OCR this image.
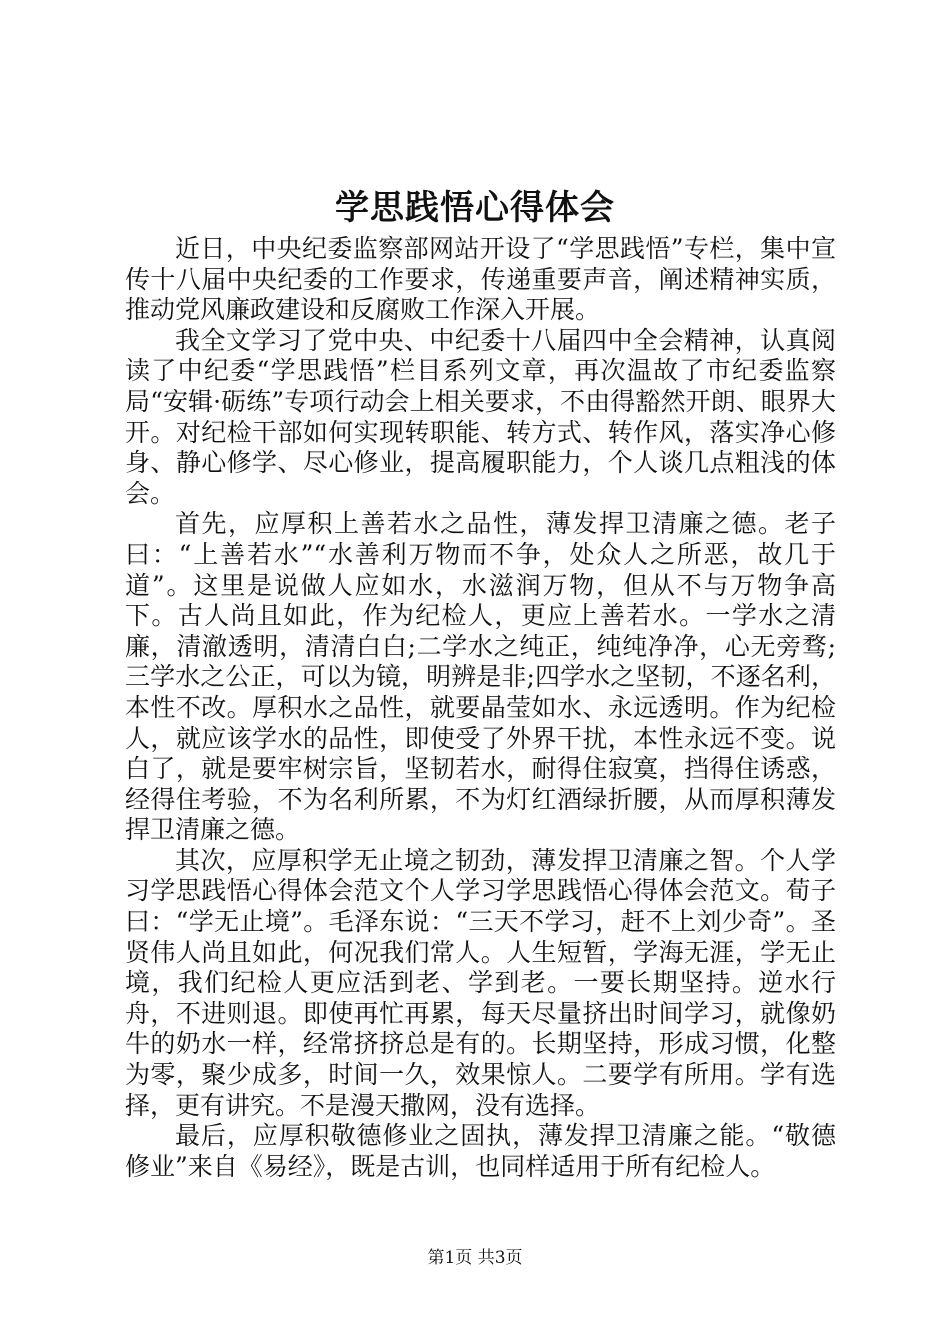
学思践悟心得体会

近日，中央纪委监察部网站开设了“学思践悟”专栏，集中宣传十八届中央纪委的工作要求，传递重要声音，阐述精神实质，推动党风廉政建设和反腐败工作深入开展。

我全文学习了党中央、中纪委十八届四中全会精神，认真阅读了中纪委“学思践悟”栏目系列文章，再次温故了市纪委监察局“安辑·砺练”专项行动会上相关要求，不由得豁然开朗、眼界大开。对纪检干部如何实现转职能、转方式、转作风，落实净心修身、静心修学、尽心修业，提高履职能力，个人谈几点粗浅的体会。

首先，应厚积上善若水之品性，薄发捍卫清廉之德。老子曰：“上善若水”“水善利万物而不争，处众人之所恶，故几于道”。这里是说做人应如水，水滋润万物，但从不与万物争高下。古人尚且如此，作为纪检人，更应上善若水。一学水之清廉，清澈透明，清清白白;二学水之纯正，纯纯净净，心无旁骛;三学水之公正，可以为镜，明辨是非;四学水之坚韧，不逐名利，本性不改。厚积水之品性，就要晶莹如水、永远透明。作为纪检人，就应该学水的品性，即使受了外界干扰，本性永远不变。说白了，就是要牢树宗旨，坚韧若水，耐得住寂寞，挡得住诱惑，经得住考验，不为名利所累，不为灯红酒绿折腰，从而厚积薄发捍卫清廉之德。

其次，应厚积学无止境之韧劲，薄发捍卫清廉之智。个人学习学思践悟心得体会范文个人学习学思践悟心得体会范文。荀子曰：“学无止境”。毛泽东说：“三天不学习，赶不上刘少奇”。圣贤伟人尚且如此，何况我们常人。人生短暂，学海无涯，学无止境，我们纪检人更应活到老、学到老。一要长期坚持。逆水行舟，不进则退。即使再忙再累，每天尽量挤出时间学习，就像奶牛的奶水一样，经常挤挤总是有的。长期坚持，形成习惯，化整为零，聚少成多，时间一久，效果惊人。二要学有所用。学有选择，更有讲究。不是漫天撒网，没有选择。

最后，应厚积敬德修业之固执，薄发捍卫清廉之能。“敬德修业”来自《易经》，既是古训，也同样适用于所有纪检人。

第1页 共3页
